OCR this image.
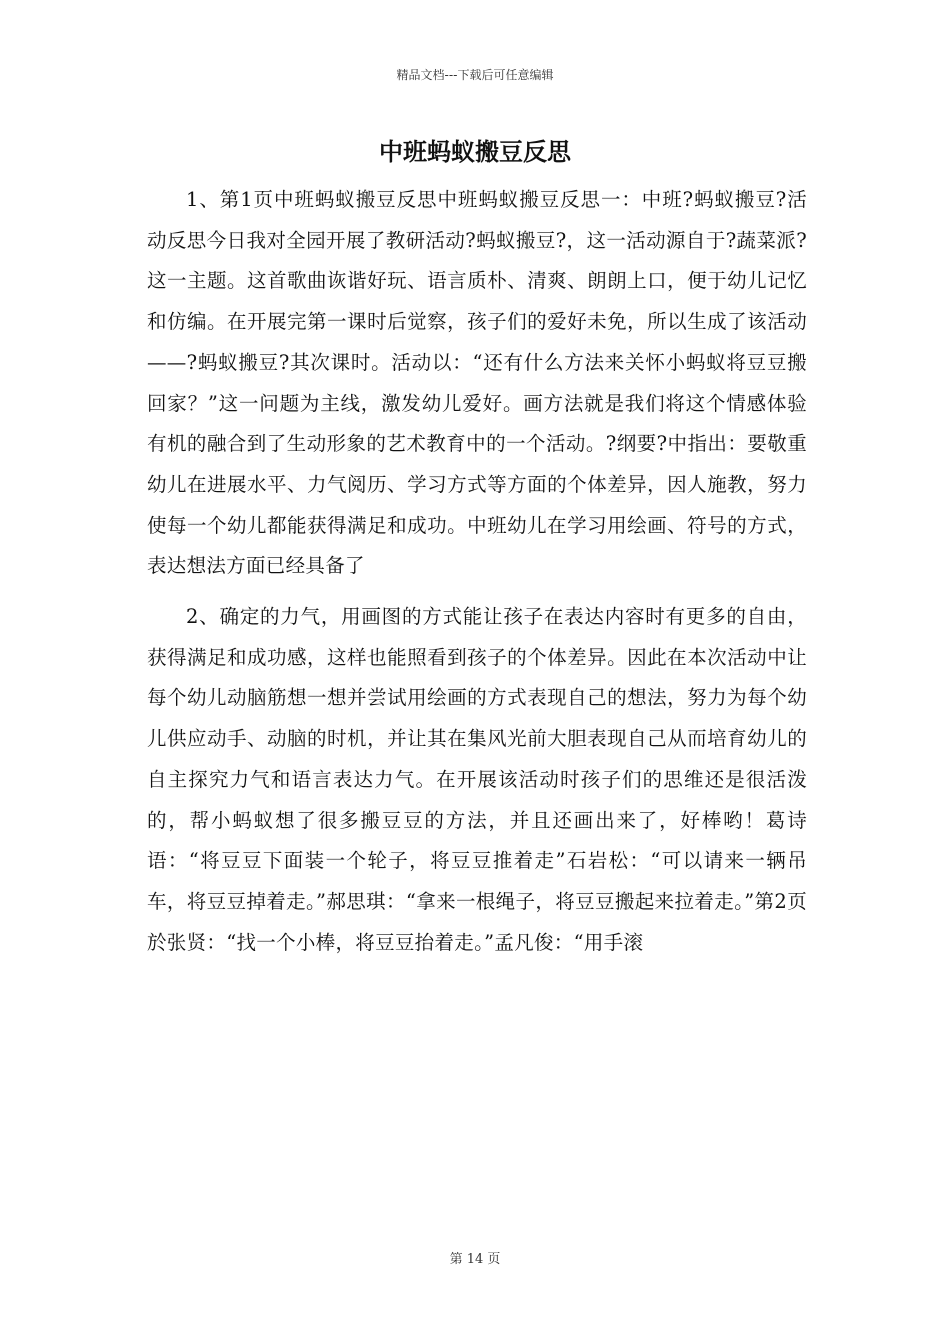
精品文档---下载后可任意编辑
中班蚂蚁搬豆反思

1、第1页中班蚂蚁搬豆反思中班蚂蚁搬豆反思一：中班?蚂蚁搬豆?活动反思今日我对全园开展了教研活动?蚂蚁搬豆?，这一活动源自于?蔬菜派?这一主题。这首歌曲诙谐好玩、语言质朴、清爽、朗朗上口，便于幼儿记忆和仿编。在开展完第一课时后觉察，孩子们的爱好未免，所以生成了该活动——?蚂蚁搬豆?其次课时。活动以：“还有什么方法来关怀小蚂蚁将豆豆搬回家？”这一问题为主线，激发幼儿爱好。画方法就是我们将这个情感体验有机的融合到了生动形象的艺术教育中的一个活动。?纲要?中指出：要敬重幼儿在进展水平、力气阅历、学习方式等方面的个体差异，因人施教，努力使每一个幼儿都能获得满足和成功。中班幼儿在学习用绘画、符号的方式，表达想法方面已经具备了

2、确定的力气，用画图的方式能让孩子在表达内容时有更多的自由，获得满足和成功感，这样也能照看到孩子的个体差异。因此在本次活动中让每个幼儿动脑筋想一想并尝试用绘画的方式表现自己的想法，努力为每个幼儿供应动手、动脑的时机，并让其在集风光前大胆表现自己从而培育幼儿的自主探究力气和语言表达力气。在开展该活动时孩子们的思维还是很活泼的，帮小蚂蚁想了很多搬豆豆的方法，并且还画出来了，好棒哟！葛诗语：“将豆豆下面装一个轮子，将豆豆推着走”石岩松：“可以请来一辆吊车，将豆豆掉着走。”郝思琪：“拿来一根绳子，将豆豆搬起来拉着走。”第2页於张贤：“找一个小棒，将豆豆抬着走。”孟凡俊：“用手滚

第 14 页
